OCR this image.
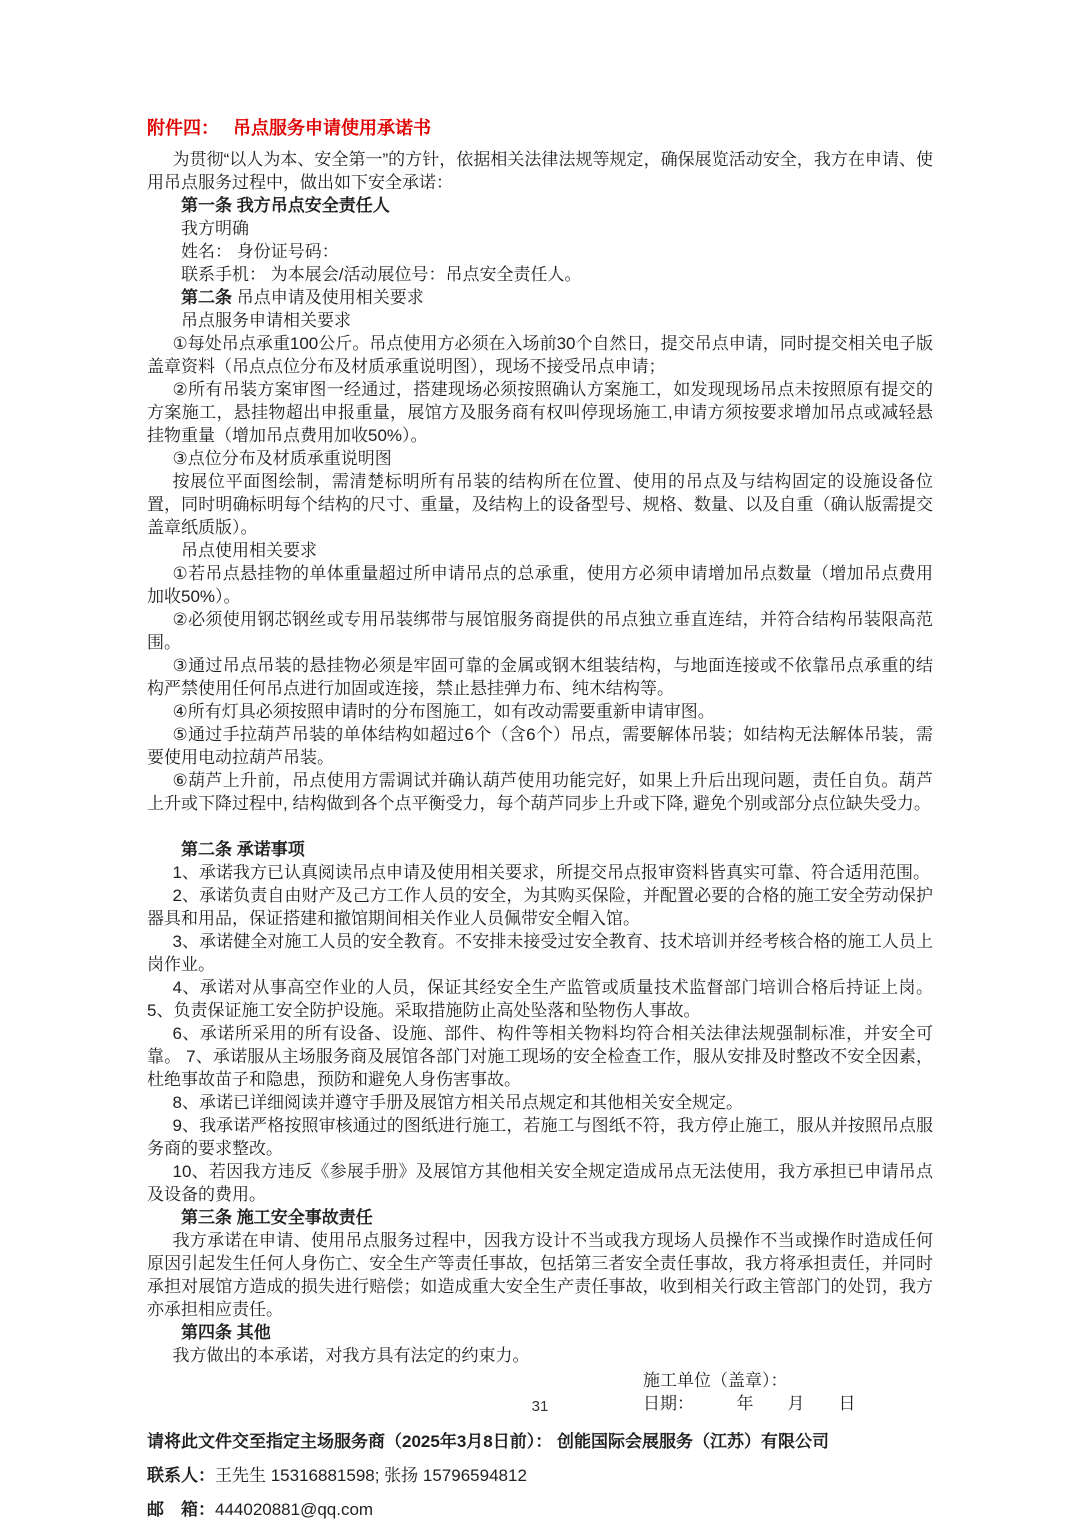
附件四： 吊点服务申请使用承诺书

为贯彻“以人为本、安全第一”的方针，依据相关法律法规等规定，确保展览活动安全，我方在申请、使用吊点服务过程中，做出如下安全承诺：

第一条 我方吊点安全责任人

我方明确

姓名： 身份证号码：

联系手机： 为本展会/活动展位号：吊点安全责任人。

第二条 吊点申请及使用相关要求

吊点服务申请相关要求

①每处吊点承重100公斤。吊点使用方必须在入场前30个自然日，提交吊点申请，同时提交相关电子版盖章资料（吊点点位分布及材质承重说明图），现场不接受吊点申请；

②所有吊装方案审图一经通过，搭建现场必须按照确认方案施工，如发现现场吊点未按照原有提交的方案施工，悬挂物超出申报重量，展馆方及服务商有权叫停现场施工,申请方须按要求增加吊点或减轻悬挂物重量（增加吊点费用加收50%）。

③点位分布及材质承重说明图

按展位平面图绘制，需清楚标明所有吊装的结构所在位置、使用的吊点及与结构固定的设施设备位置，同时明确标明每个结构的尺寸、重量，及结构上的设备型号、规格、数量、以及自重（确认版需提交盖章纸质版）。

吊点使用相关要求

①若吊点悬挂物的单体重量超过所申请吊点的总承重，使用方必须申请增加吊点数量（增加吊点费用加收50%）。

②必须使用钢芯钢丝或专用吊装绑带与展馆服务商提供的吊点独立垂直连结，并符合结构吊装限高范围。

③通过吊点吊装的悬挂物必须是牢固可靠的金属或钢木组装结构，与地面连接或不依靠吊点承重的结构严禁使用任何吊点进行加固或连接，禁止悬挂弹力布、纯木结构等。

④所有灯具必须按照申请时的分布图施工，如有改动需要重新申请审图。

⑤通过手拉葫芦吊装的单体结构如超过6个（含6个）吊点，需要解体吊装；如结构无法解体吊装，需要使用电动拉葫芦吊装。

⑥葫芦上升前，吊点使用方需调试并确认葫芦使用功能完好，如果上升后出现问题，责任自负。葫芦上升或下降过程中, 结构做到各个点平衡受力，每个葫芦同步上升或下降, 避免个别或部分点位缺失受力。

第二条 承诺事项

1、承诺我方已认真阅读吊点申请及使用相关要求，所提交吊点报审资料皆真实可靠、符合适用范围。

2、承诺负责自由财产及己方工作人员的安全，为其购买保险，并配置必要的合格的施工安全劳动保护器具和用品，保证搭建和撤馆期间相关作业人员佩带安全帽入馆。

3、承诺健全对施工人员的安全教育。不安排未接受过安全教育、技术培训并经考核合格的施工人员上岗作业。

4、承诺对从事高空作业的人员，保证其经安全生产监管或质量技术监督部门培训合格后持证上岗。 5、负责保证施工安全防护设施。采取措施防止高处坠落和坠物伤人事故。

6、承诺所采用的所有设备、设施、部件、构件等相关物料均符合相关法律法规强制标准，并安全可靠。 7、承诺服从主场服务商及展馆各部门对施工现场的安全检查工作，服从安排及时整改不安全因素，杜绝事故苗子和隐患，预防和避免人身伤害事故。

8、承诺已详细阅读并遵守手册及展馆方相关吊点规定和其他相关安全规定。

9、我承诺严格按照审核通过的图纸进行施工，若施工与图纸不符，我方停止施工，服从并按照吊点服务商的要求整改。

10、若因我方违反《参展手册》及展馆方其他相关安全规定造成吊点无法使用，我方承担已申请吊点及设备的费用。

第三条 施工安全事故责任

我方承诺在申请、使用吊点服务过程中，因我方设计不当或我方现场人员操作不当或操作时造成任何原因引起发生任何人身伤亡、安全生产等责任事故，包括第三者安全责任事故，我方将承担责任，并同时承担对展馆方造成的损失进行赔偿；如造成重大安全生产责任事故，收到相关行政主管部门的处罚，我方亦承担相应责任。

第四条 其他

我方做出的本承诺，对我方具有法定的约束力。

施工单位（盖章）：

日期：　　　年　　月　　日

请将此文件交至指定主场服务商（2025年3月8日前）： 创能国际会展服务（江苏）有限公司

联系人：王先生 15316881598; 张扬 15796594812

邮　箱：444020881@qq.com

31
